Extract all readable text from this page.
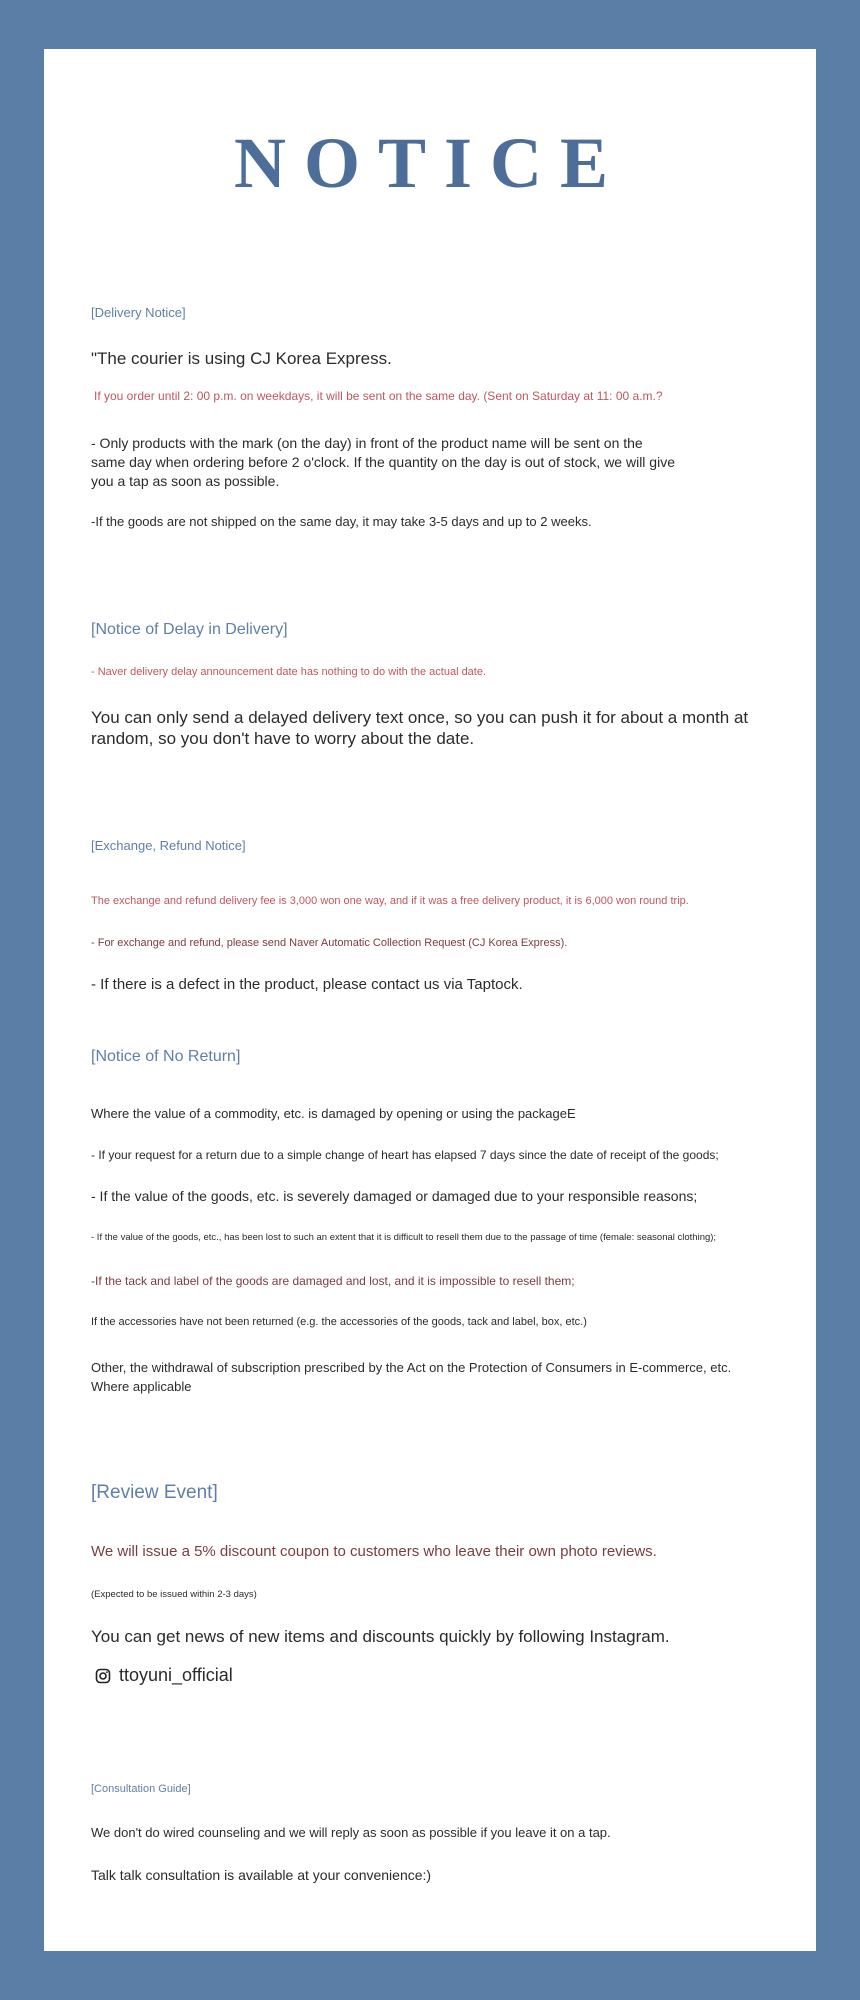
NOTICE

[Delivery Notice]

"The courier is using CJ Korea Express.

If you order until 2: 00 p.m. on weekdays, it will be sent on the same day. (Sent on Saturday at 11: 00 a.m.?

- Only products with the mark (on the day) in front of the product name will be sent on the

same day when ordering before 2 o'clock. If the quantity on the day is out of stock, we will give

you a tap as soon as possible.

-If the goods are not shipped on the same day, it may take 3-5 days and up to 2 weeks.

[Notice of Delay in Delivery]

- Naver delivery delay announcement date has nothing to do with the actual date.

You can only send a delayed delivery text once, so you can push it for about a month at

random, so you don't have to worry about the date.

[Exchange, Refund Notice]

The exchange and refund delivery fee is 3,000 won one way, and if it was a free delivery product, it is 6,000 won round trip.

- For exchange and refund, please send Naver Automatic Collection Request (CJ Korea Express).

- If there is a defect in the product, please contact us via Taptock.

[Notice of No Return]

Where the value of a commodity, etc. is damaged by opening or using the packageE

- If your request for a return due to a simple change of heart has elapsed 7 days since the date of receipt of the goods;

- If the value of the goods, etc. is severely damaged or damaged due to your responsible reasons;

- If the value of the goods, etc., has been lost to such an extent that it is difficult to resell them due to the passage of time (female: seasonal clothing);

-If the tack and label of the goods are damaged and lost, and it is impossible to resell them;

If the accessories have not been returned (e.g. the accessories of the goods, tack and label, box, etc.)

Other, the withdrawal of subscription prescribed by the Act on the Protection of Consumers in E-commerce, etc.

Where applicable

[Review Event]

We will issue a 5% discount coupon to customers who leave their own photo reviews.

(Expected to be issued within 2-3 days)

You can get news of new items and discounts quickly by following Instagram.

ttoyuni_official

[Consultation Guide]

We don't do wired counseling and we will reply as soon as possible if you leave it on a tap.

Talk talk consultation is available at your convenience:)
